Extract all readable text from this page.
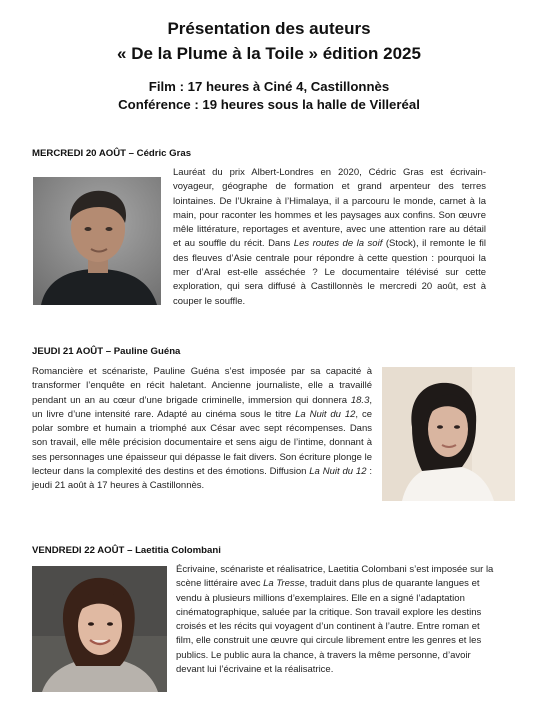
Présentation des auteurs
« De la Plume à la Toile » édition 2025
Film : 17 heures à Ciné 4, Castillonnès
Conférence : 19 heures sous la halle de Villeréal
MERCREDI 20 AOÛT – Cédric Gras

Lauréat du prix Albert-Londres en 2020, Cédric Gras est écrivain-voyageur, géographe de formation et grand arpenteur des terres lointaines. De l’Ukraine à l’Himalaya, il a parcouru le monde, carnet à la main, pour raconter les hommes et les paysages aux confins. Son œuvre mêle littérature, reportages et aventure, avec une attention rare au détail et au souffle du récit. Dans Les routes de la soif (Stock), il remonte le fil des fleuves d’Asie centrale pour répondre à cette question : pourquoi la mer d’Aral est-elle asséchée ? Le documentaire télévisé sur cette exploration, qui sera diffusé à Castillonnès le mercredi 20 août, est à couper le souffle.

JEUDI 21 AOÛT – Pauline Guéna

Romancière et scénariste, Pauline Guéna s’est imposée par sa capacité à transformer l’enquête en récit haletant. Ancienne journaliste, elle a travaillé pendant un an au cœur d’une brigade criminelle, immersion qui donnera 18.3, un livre d’une intensité rare. Adapté au cinéma sous le titre La Nuit du 12, ce polar sombre et humain a triomphé aux César avec sept récompenses. Dans son travail, elle mêle précision documentaire et sens aigu de l’intime, donnant à ses personnages une épaisseur qui dépasse le fait divers. Son écriture plonge le lecteur dans la complexité des destins et des émotions. Diffusion La Nuit du 12 : jeudi 21 août à 17 heures à Castillonnès.

VENDREDI 22 AOÛT – Laetitia Colombani

Écrivaine, scénariste et réalisatrice, Laetitia Colombani s’est imposée sur la scène littéraire avec La Tresse, traduit dans plus de quarante langues et vendu à plusieurs millions d’exemplaires. Elle en a signé l’adaptation cinématographique, saluée par la critique. Son travail explore les destins croisés et les récits qui voyagent d’un continent à l’autre. Entre roman et film, elle construit une œuvre qui circule librement entre les genres et les publics. Le public aura la chance, à travers la même personne, d’avoir devant lui l’écrivaine et la réalisatrice.
